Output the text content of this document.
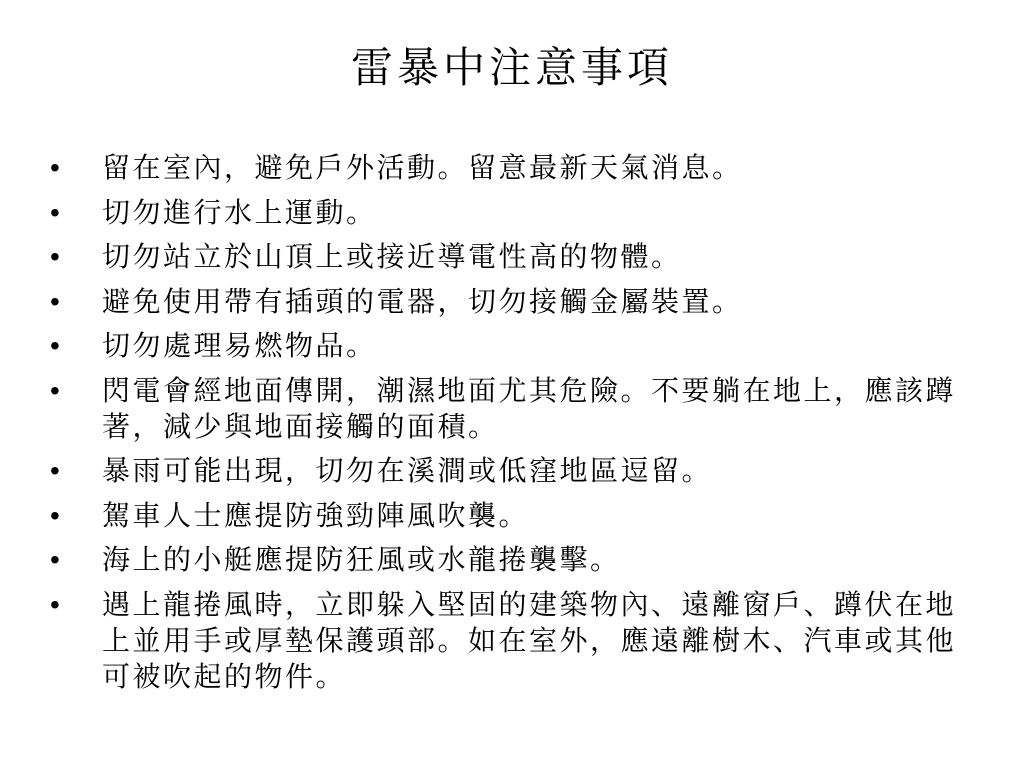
雷暴中注意事項
•	留在室內，避免戶外活動。留意最新天氣消息。
•	切勿進行水上運動。
•	切勿站立於山頂上或接近導電性高的物體。
•	避免使用帶有插頭的電器，切勿接觸金屬裝置。
•	切勿處理易燃物品。
•	閃電會經地面傳開，潮濕地面尤其危險。不要躺在地上，應該蹲著，減少與地面接觸的面積。
•	暴雨可能出現，切勿在溪澗或低窪地區逗留。
•	駕車人士應提防強勁陣風吹襲。
•	海上的小艇應提防狂風或水龍捲襲擊。
•	遇上龍捲風時，立即躲入堅固的建築物內、遠離窗戶、蹲伏在地上並用手或厚墊保護頭部。如在室外，應遠離樹木、汽車或其他可被吹起的物件。
